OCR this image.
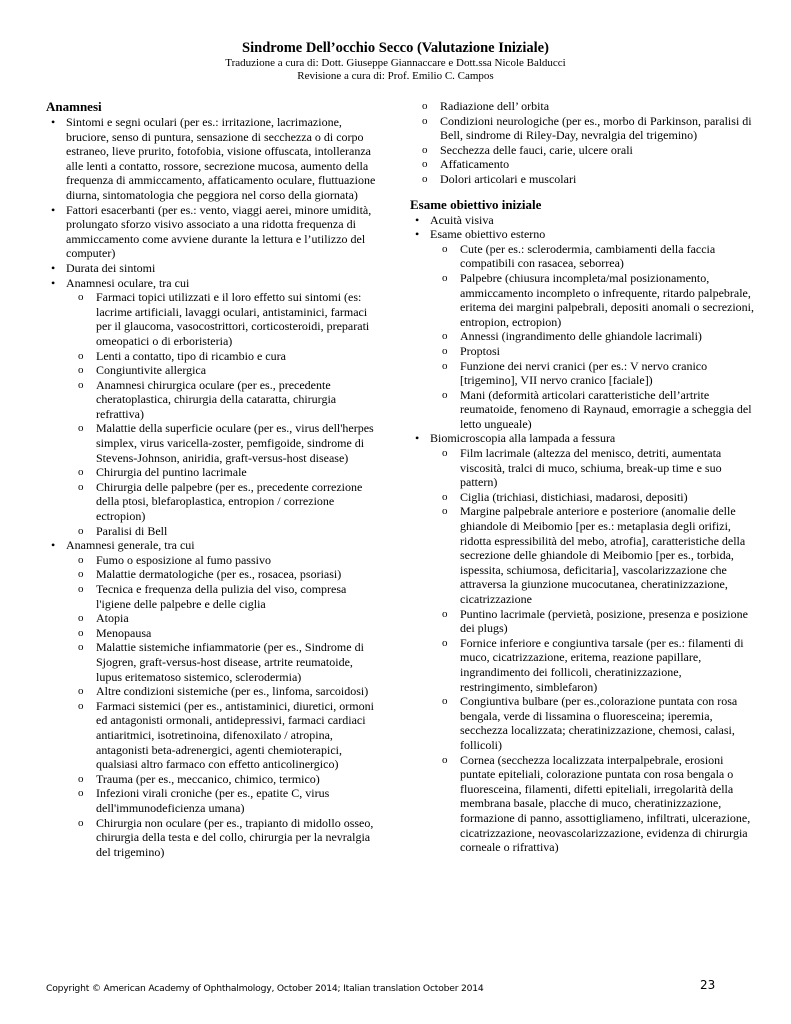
Sindrome Dell’occhio Secco (Valutazione Iniziale)
Traduzione a cura di: Dott. Giuseppe Giannaccare e Dott.ssa Nicole Balducci
Revisione a cura di: Prof. Emilio C. Campos
Anamnesi
• Sintomi e segni oculari (per es.: irritazione, lacrimazione, bruciore, senso di puntura, sensazione di secchezza o di corpo estraneo, lieve prurito, fotofobia, visione offuscata, intolleranza alle lenti a contatto, rossore, secrezione mucosa, aumento della frequenza di ammiccamento, affaticamento oculare, fluttuazione diurna, sintomatologia che peggiora nel corso della giornata)
• Fattori esacerbanti (per es.: vento, viaggi aerei, minore umidità, prolungato sforzo visivo associato a una ridotta frequenza di ammiccamento come avviene durante la lettura e l’utilizzo del computer)
• Durata dei sintomi
• Anamnesi oculare, tra cui
o Farmaci topici utilizzati e il loro effetto sui sintomi (es: lacrime artificiali, lavaggi oculari, antistaminici, farmaci per il glaucoma, vasocostrittori, corticosteroidi, preparati omeopatici o di erboristeria)
o Lenti a contatto, tipo di ricambio e cura
o Congiuntivite allergica
o Anamnesi chirurgica oculare (per es., precedente cheratoplastica, chirurgia della cataratta, chirurgia refrattiva)
o Malattie della superficie oculare (per es., virus dell'herpes simplex, virus varicella-zoster, pemfigoide, sindrome di Stevens-Johnson, aniridia, graft-versus-host disease)
o Chirurgia del puntino lacrimale
o Chirurgia delle palpebre (per es., precedente correzione della ptosi, blefaroplastica, entropion / correzione ectropion)
o Paralisi di Bell
• Anamnesi generale, tra cui
o Fumo o esposizione al fumo passivo
o Malattie dermatologiche (per es., rosacea, psoriasi)
o Tecnica e frequenza della pulizia del viso, compresa l'igiene delle palpebre e delle ciglia
o Atopia
o Menopausa
o Malattie sistemiche infiammatorie (per es., Sindrome di Sjogren, graft-versus-host disease, artrite reumatoide, lupus eritematoso sistemico, sclerodermia)
o Altre condizioni sistemiche (per es., linfoma, sarcoidosi)
o Farmaci sistemici (per es., antistaminici, diuretici, ormoni ed antagonisti ormonali, antidepressivi, farmaci cardiaci antiaritmici, isotretinoina, difenoxilato / atropina, antagonisti beta-adrenergici, agenti chemioterapici, qualsiasi altro farmaco con effetto anticolinergico)
o Trauma (per es., meccanico, chimico, termico)
o Infezioni virali croniche (per es., epatite C, virus dell'immunodeficienza umana)
o Chirurgia non oculare (per es., trapianto di midollo osseo, chirurgia della testa e del collo, chirurgia per la nevralgia del trigemino)
o Radiazione dell’ orbita
o Condizioni neurologiche (per es., morbo di Parkinson, paralisi di Bell, sindrome di Riley-Day, nevralgia del trigemino)
o Secchezza delle fauci, carie, ulcere orali
o Affaticamento
o Dolori articolari e muscolari
Esame obiettivo iniziale
• Acuità visiva
• Esame obiettivo esterno
o Cute (per es.: sclerodermia, cambiamenti della faccia compatibili con rasacea, seborrea)
o Palpebre (chiusura incompleta/mal posizionamento, ammiccamento incompleto o infrequente, ritardo palpebrale, eritema dei margini palpebrali, depositi anomali o secrezioni, entropion, ectropion)
o Annessi (ingrandimento delle ghiandole lacrimali)
o Proptosi
o Funzione dei nervi cranici (per es.: V nervo cranico [trigemino], VII nervo cranico [faciale])
o Mani (deformità articolari caratteristiche dell’artrite reumatoide, fenomeno di Raynaud, emorragie a scheggia del letto ungueale)
• Biomicroscopia alla lampada a fessura
o Film lacrimale (altezza del menisco, detriti, aumentata viscosità, tralci di muco, schiuma, break-up time e suo pattern)
o Ciglia (trichiasi, distichiasi, madarosi, depositi)
o Margine palpebrale anteriore e posteriore (anomalie delle ghiandole di Meibomio [per es.: metaplasia degli orifizi, ridotta espressibilità del mebo, atrofia], caratteristiche della secrezione delle ghiandole di Meibomio [per es., torbida, ispessita, schiumosa, deficitaria], vascolarizzazione che attraversa la giunzione mucocutanea, cheratinizzazione, cicatrizzazione
o Puntino lacrimale (pervietà, posizione, presenza e posizione dei plugs)
o Fornice inferiore e congiuntiva tarsale (per es.: filamenti di muco, cicatrizzazione, eritema, reazione papillare, ingrandimento dei follicoli, cheratinizzazione, restringimento, simblefaron)
o Congiuntiva bulbare (per es.,colorazione puntata con rosa bengala, verde di lissamina o fluoresceina; iperemia, secchezza localizzata; cheratinizzazione, chemosi, calasi, follicoli)
o Cornea (secchezza localizzata interpalpebrale, erosioni puntate epiteliali, colorazione puntata con rosa bengala o fluoresceina, filamenti, difetti epiteliali, irregolarità della membrana basale, placche di muco, cheratinizzazione, formazione di panno, assottigliameno, infiltrati, ulcerazione, cicatrizzazione, neovascolarizzazione, evidenza di chirurgia corneale o rifrattiva)
Copyright © American Academy of Ophthalmology, October 2014; Italian translation October 2014	23
